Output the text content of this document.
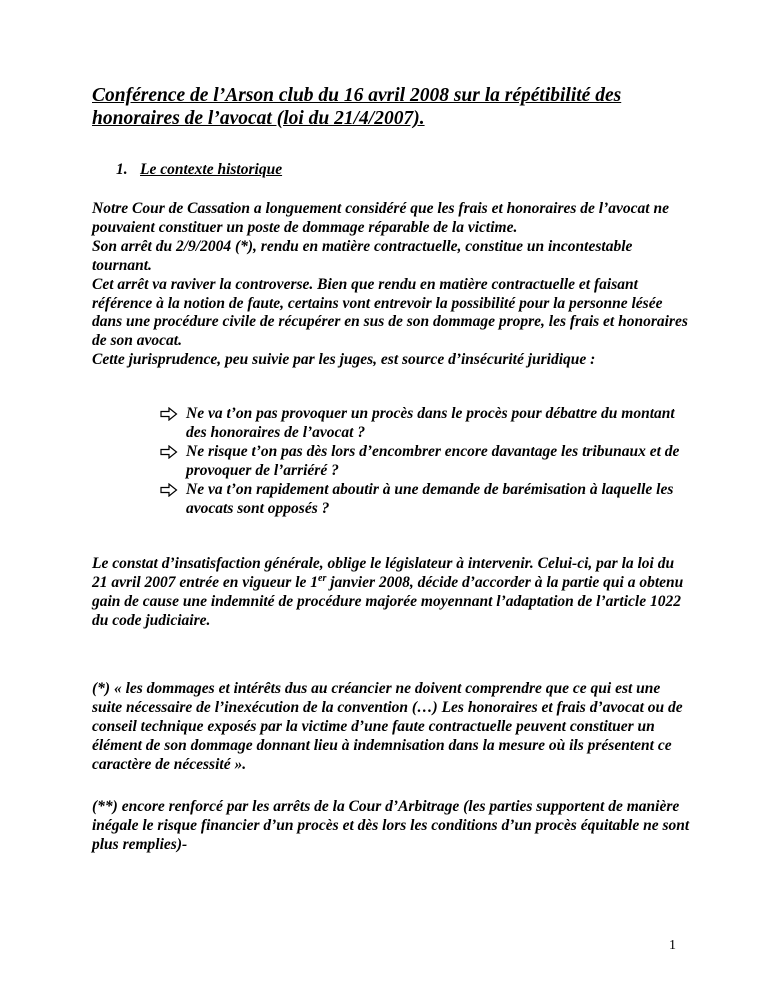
Conférence de l’Arson club du 16 avril 2008 sur la répétibilité des honoraires de l’avocat (loi du 21/4/2007).

1. Le contexte historique

Notre Cour de Cassation a longuement considéré que les frais et honoraires de l’avocat ne pouvaient constituer un poste de dommage réparable de la victime.

Son arrêt du 2/9/2004 (*), rendu en matière contractuelle, constitue un incontestable tournant.

Cet arrêt va raviver la controverse. Bien que rendu en matière contractuelle et faisant référence à la notion de faute, certains vont entrevoir la possibilité pour la personne lésée dans une procédure civile de récupérer en sus de son dommage propre, les frais et honoraires de son avocat.

Cette jurisprudence, peu suivie par les juges, est source d’insécurité juridique :

Ne va t’on pas provoquer un procès dans le procès pour débattre du montant des honoraires de l’avocat ?
Ne risque t’on pas dès lors d’encombrer encore davantage les tribunaux et de provoquer de l’arriéré ?
Ne va t’on rapidement aboutir à une demande de barémisation à laquelle les avocats sont opposés ?

Le constat d’insatisfaction générale, oblige le législateur à intervenir. Celui-ci, par la loi du 21 avril 2007 entrée en vigueur le 1er janvier 2008, décide d’accorder à la partie qui a obtenu gain de cause une indemnité de procédure majorée moyennant l’adaptation de l’article 1022 du code judiciaire.

(*) « les dommages et intérêts dus au créancier ne doivent comprendre que ce qui est une suite nécessaire de l’inexécution de la convention (…) Les honoraires et frais d’avocat ou de conseil technique exposés par la victime d’une faute contractuelle peuvent constituer un élément de son dommage donnant lieu à indemnisation dans la mesure où ils présentent ce caractère de nécessité ».

(**) encore renforcé par les arrêts de la Cour d’Arbitrage (les parties supportent de manière inégale le risque financier d’un procès et dès lors les conditions d’un procès équitable ne sont plus remplies)-

1
